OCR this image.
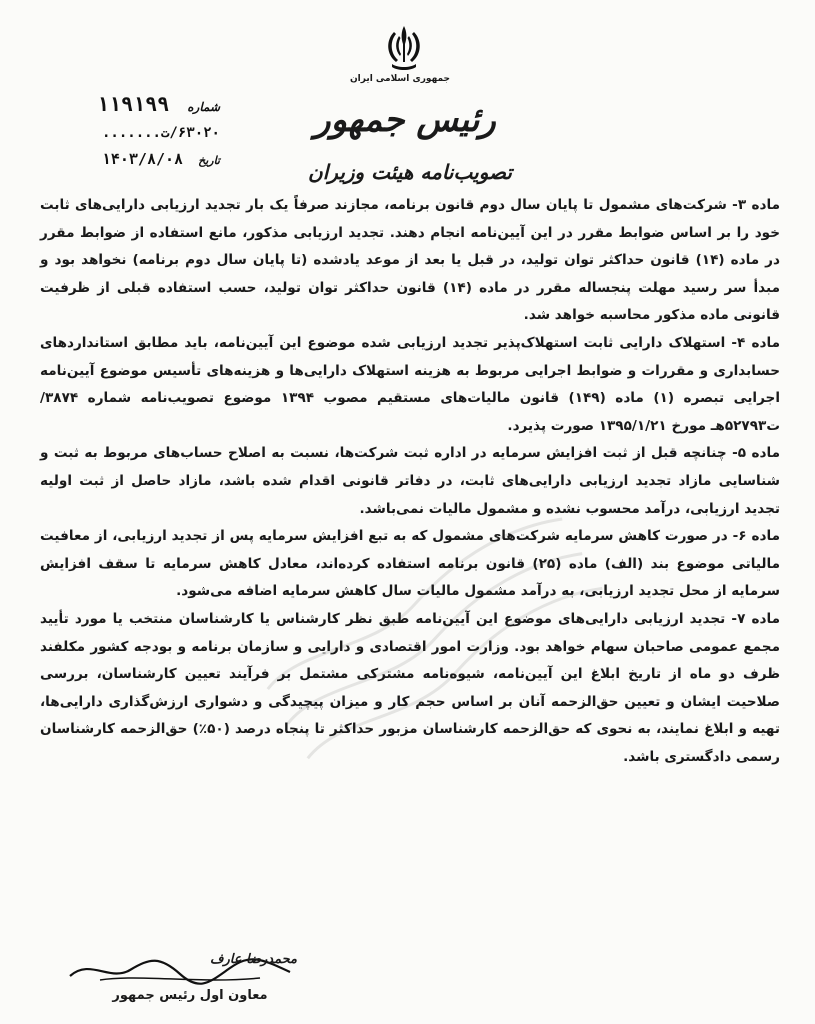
جمهوری اسلامی ایران
رئیس جمهور
تصویب‌نامه هیئت وزیران
شماره ۱۱۹۱۹۹
۶۳۰۲۰/ت.......
تاریخ ۱۴۰۳/۸/۰۸

ماده ۳- شرکت‌های مشمول تا پایان سال دوم قانون برنامه، مجازند صرفاً یک بار تجدید ارزیابی دارایی‌های ثابت خود را بر اساس ضوابط مقرر در این آیین‌نامه انجام دهند. تجدید ارزیابی مذکور، مانع استفاده از ضوابط مقرر در ماده (۱۴) قانون حداکثر توان تولید، در قبل یا بعد از موعد یادشده (تا پایان سال دوم برنامه) نخواهد بود و مبدأ سر رسید مهلت پنجساله مقرر در ماده (۱۴) قانون حداکثر توان تولید، حسب استفاده قبلی از ظرفیت قانونی ماده مذکور محاسبه خواهد شد.

ماده ۴- استهلاک دارایی ثابت استهلاک‌پذیر تجدید ارزیابی شده موضوع این آیین‌نامه، باید مطابق استانداردهای حسابداری و مقررات و ضوابط اجرایی مربوط به هزینه استهلاک دارایی‌ها و هزینه‌های تأسیس موضوع آیین‌نامه اجرایی تبصره (۱) ماده (۱۴۹) قانون مالیات‌های مستقیم مصوب ۱۳۹۴ موضوع تصویب‌نامه شماره ۳۸۷۴/ت۵۲۷۹۳هـ مورخ ۱۳۹۵/۱/۲۱ صورت پذیرد.

ماده ۵- چنانچه قبل از ثبت افزایش سرمایه در اداره ثبت شرکت‌ها، نسبت به اصلاح حساب‌های مربوط به ثبت و شناسایی مازاد تجدید ارزیابی دارایی‌های ثابت، در دفاتر قانونی اقدام شده باشد، مازاد حاصل از ثبت اولیه تجدید ارزیابی، درآمد محسوب نشده و مشمول مالیات نمی‌باشد.

ماده ۶- در صورت کاهش سرمایه شرکت‌های مشمول که به تبع افزایش سرمایه پس از تجدید ارزیابی، از معافیت مالیاتی موضوع بند (الف) ماده (۲۵) قانون برنامه استفاده کرده‌اند، معادل کاهش سرمایه تا سقف افزایش سرمایه از محل تجدید ارزیابی، به درآمد مشمول مالیات سال کاهش سرمایه اضافه می‌شود.

ماده ۷- تجدید ارزیابی دارایی‌های موضوع این آیین‌نامه طبق نظر کارشناس یا کارشناسان منتخب یا مورد تأیید مجمع عمومی صاحبان سهام خواهد بود. وزارت امور اقتصادی و دارایی و سازمان برنامه و بودجه کشور مکلفند ظرف دو ماه از تاریخ ابلاغ این آیین‌نامه، شیوه‌نامه مشترکی مشتمل بر فرآیند تعیین کارشناسان، بررسی صلاحیت ایشان و تعیین حق‌الزحمه آنان بر اساس حجم کار و میزان پیچیدگی و دشواری ارزش‌گذاری دارایی‌ها، تهیه و ابلاغ نمایند، به نحوی که حق‌الزحمه کارشناسان مزبور حداکثر تا پنجاه درصد (۵۰٪) حق‌الزحمه کارشناسان رسمی دادگستری باشد.

محمدرضا عارف
معاون اول رئیس جمهور
